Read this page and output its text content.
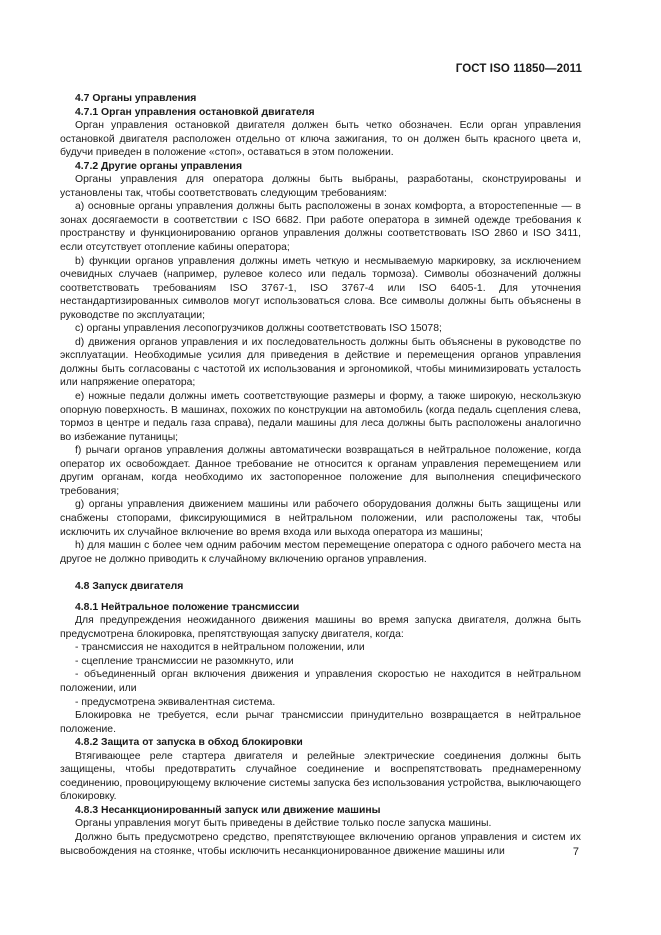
ГОСТ ISO 11850—2011

4.7 Органы управления

4.7.1 Орган управления остановкой двигателя

Орган управления остановкой двигателя должен быть четко обозначен. Если орган управления остановкой двигателя расположен отдельно от ключа зажигания, то он должен быть красного цвета и, будучи приведен в положение «стоп», оставаться в этом положении.

4.7.2 Другие органы управления

Органы управления для оператора должны быть выбраны, разработаны, сконструированы и установлены так, чтобы соответствовать следующим требованиям:

а) основные органы управления должны быть расположены в зонах комфорта, а второстепенные — в зонах досягаемости в соответствии с ISO 6682. При работе оператора в зимней одежде требования к пространству и функционированию органов управления должны соответствовать ISO 2860 и ISO 3411, если отсутствует отопление кабины оператора;

b) функции органов управления должны иметь четкую и несмываемую маркировку, за исключением очевидных случаев (например, рулевое колесо или педаль тормоза). Символы обозначений должны соответствовать требованиям ISO 3767-1, ISO 3767-4 или ISO 6405-1. Для уточнения нестандартизированных символов могут использоваться слова. Все символы должны быть объяснены в руководстве по эксплуатации;

c) органы управления лесопогрузчиков должны соответствовать ISO 15078;

d) движения органов управления и их последовательность должны быть объяснены в руководстве по эксплуатации. Необходимые усилия для приведения в действие и перемещения органов управления должны быть согласованы с частотой их использования и эргономикой, чтобы минимизировать усталость или напряжение оператора;

e) ножные педали должны иметь соответствующие размеры и форму, а также широкую, нескользкую опорную поверхность. В машинах, похожих по конструкции на автомобиль (когда педаль сцепления слева, тормоз в центре и педаль газа справа), педали машины для леса должны быть расположены аналогично во избежание путаницы;

f) рычаги органов управления должны автоматически возвращаться в нейтральное положение, когда оператор их освобождает. Данное требование не относится к органам управления перемещением или другим органам, когда необходимо их застопоренное положение для выполнения специфического требования;

g) органы управления движением машины или рабочего оборудования должны быть защищены или снабжены стопорами, фиксирующимися в нейтральном положении, или расположены так, чтобы исключить их случайное включение во время входа или выхода оператора из машины;

h) для машин с более чем одним рабочим местом перемещение оператора с одного рабочего места на другое не должно приводить к случайному включению органов управления.

4.8 Запуск двигателя

4.8.1 Нейтральное положение трансмиссии

Для предупреждения неожиданного движения машины во время запуска двигателя, должна быть предусмотрена блокировка, препятствующая запуску двигателя, когда:

- трансмиссия не находится в нейтральном положении, или

- сцепление трансмиссии не разомкнуто, или

- объединенный орган включения движения и управления скоростью не находится в нейтральном положении, или

- предусмотрена эквивалентная система.

Блокировка не требуется, если рычаг трансмиссии принудительно возвращается в нейтральное положение.

4.8.2 Защита от запуска в обход блокировки

Втягивающее реле стартера двигателя и релейные электрические соединения должны быть защищены, чтобы предотвратить случайное соединение и воспрепятствовать преднамеренному соединению, провоцирующему включение системы запуска без использования устройства, выключающего блокировку.

4.8.3 Несанкционированный запуск или движение машины

Органы управления могут быть приведены в действие только после запуска машины.

Должно быть предусмотрено средство, препятствующее включению органов управления и систем их высвобождения на стоянке, чтобы исключить несанкционированное движение машины или	7
